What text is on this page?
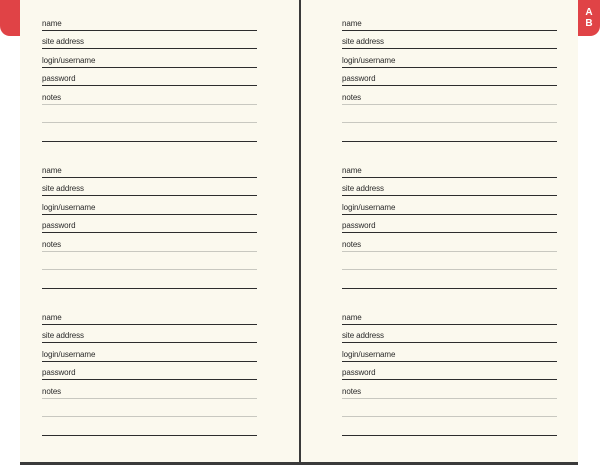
A
B
name
site address
login/username
password
notes
name
site address
login/username
password
notes
name
site address
login/username
password
notes
name
site address
login/username
password
notes
name
site address
login/username
password
notes
name
site address
login/username
password
notes
